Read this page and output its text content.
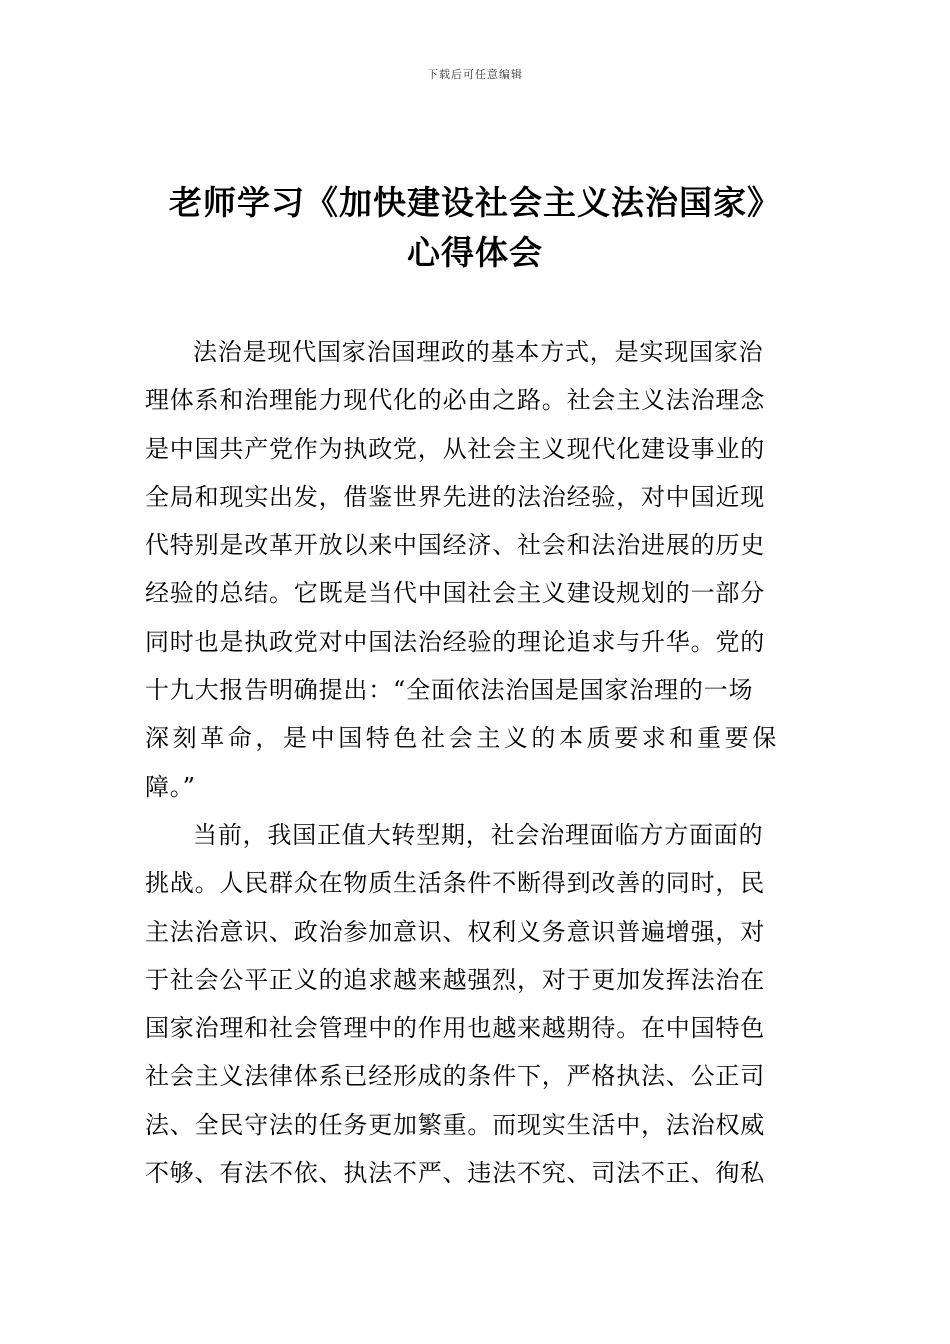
下载后可任意编辑
老师学习《加快建设社会主义法治国家》
心得体会
法治是现代国家治国理政的基本方式，是实现国家治
理体系和治理能力现代化的必由之路。社会主义法治理念
是中国共产党作为执政党，从社会主义现代化建设事业的
全局和现实出发，借鉴世界先进的法治经验，对中国近现
代特别是改革开放以来中国经济、社会和法治进展的历史
经验的总结。它既是当代中国社会主义建设规划的一部分
同时也是执政党对中国法治经验的理论追求与升华。党的
十九大报告明确提出：“全面依法治国是国家治理的一场
深刻革命，是中国特色社会主义的本质要求和重要保
障。”
当前，我国正值大转型期，社会治理面临方方面面的
挑战。人民群众在物质生活条件不断得到改善的同时，民
主法治意识、政治参加意识、权利义务意识普遍增强，对
于社会公平正义的追求越来越强烈，对于更加发挥法治在
国家治理和社会管理中的作用也越来越期待。在中国特色
社会主义法律体系已经形成的条件下，严格执法、公正司
法、全民守法的任务更加繁重。而现实生活中，法治权威
不够、有法不依、执法不严、违法不究、司法不正、徇私
